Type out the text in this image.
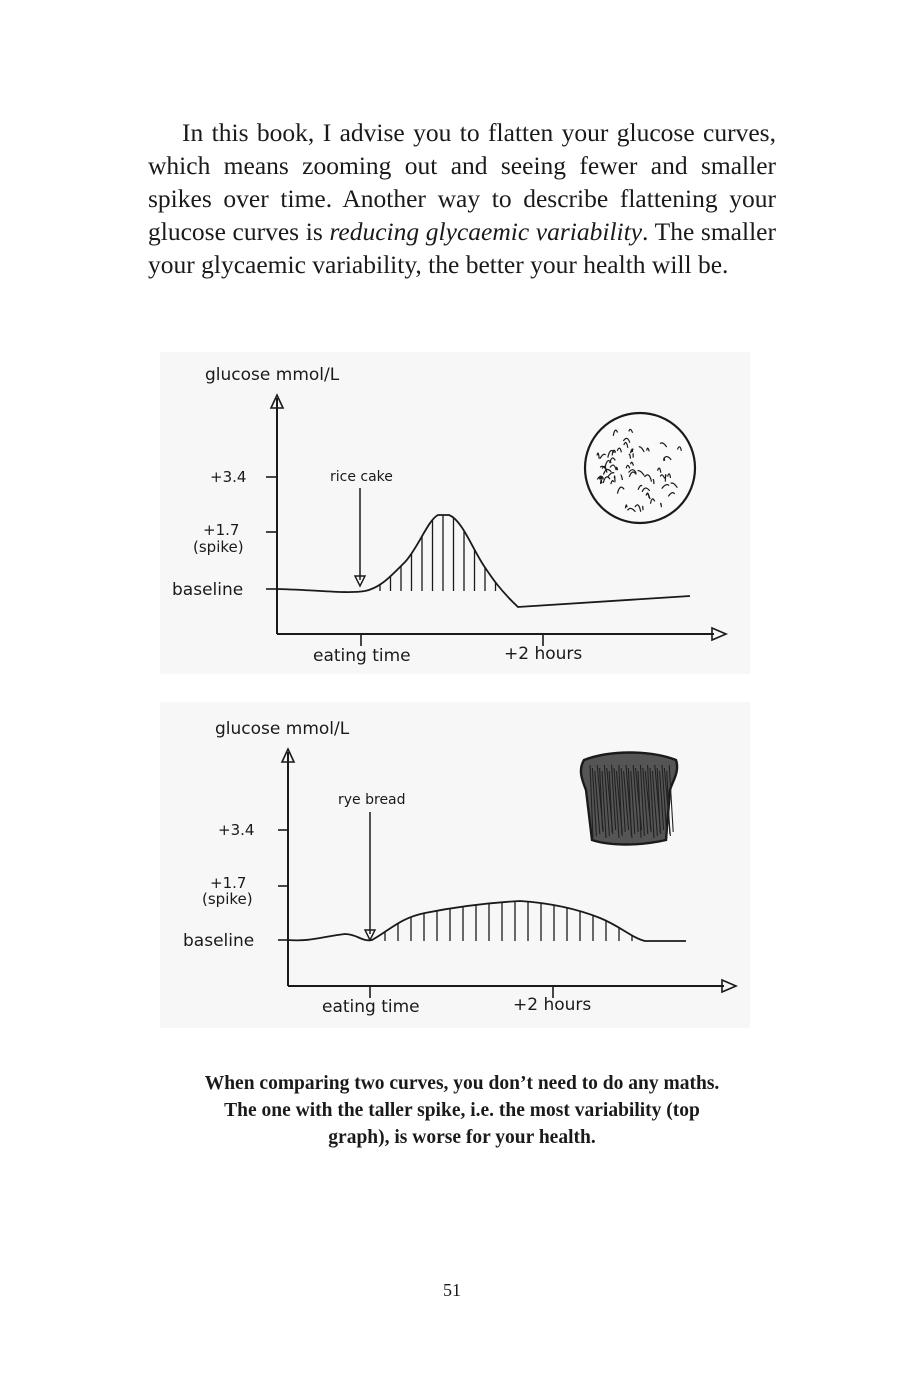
In this book, I advise you to flatten your glucose curves, which means zooming out and seeing fewer and smaller spikes over time. Another way to describe flattening your glucose curves is reducing glycaemic variability. The smaller your glycaemic variability, the better your health will be.

glucose mmol/L
+3.4
+1.7
(spike)
baseline
eating time	+2 hours
rice cake
glucose mmol/L
+3.4
+1.7
(spike)
baseline
eating time	+2 hours
rye bread

When comparing two curves, you don’t need to do any maths.
The one with the taller spike, i.e. the most variability (top
graph), is worse for your health.

51
